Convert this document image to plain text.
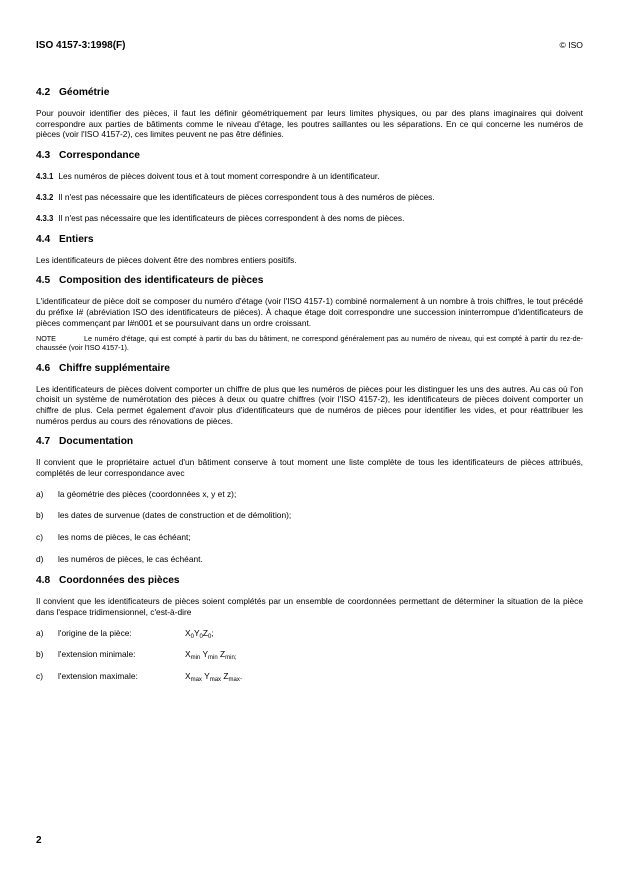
ISO 4157-3:1998(F)	© ISO
4.2 Géométrie

Pour pouvoir identifier des pièces, il faut les définir géométriquement par leurs limites physiques, ou par des plans imaginaires qui doivent correspondre aux parties de bâtiments comme le niveau d'étage, les poutres saillantes ou les séparations. En ce qui concerne les numéros de pièces (voir l'ISO 4157-2), ces limites peuvent ne pas être définies.

4.3 Correspondance

4.3.1 Les numéros de pièces doivent tous et à tout moment correspondre à un identificateur.

4.3.2 Il n'est pas nécessaire que les identificateurs de pièces correspondent tous à des numéros de pièces.

4.3.3 Il n'est pas nécessaire que les identificateurs de pièces correspondent à des noms de pièces.

4.4 Entiers

Les identificateurs de pièces doivent être des nombres entiers positifs.

4.5 Composition des identificateurs de pièces

L'identificateur de pièce doit se composer du numéro d'étage (voir l'ISO 4157-1) combiné normalement à un nombre à trois chiffres, le tout précédé du préfixe I# (abréviation ISO des identificateurs de pièces). À chaque étage doit correspondre une succession ininterrompue d'identificateurs de pièces commençant par I#n001 et se poursuivant dans un ordre croissant.

NOTE	Le numéro d'étage, qui est compté à partir du bas du bâtiment, ne correspond généralement pas au numéro de niveau, qui est compté à partir du rez-de-chaussée (voir l'ISO 4157-1).

4.6 Chiffre supplémentaire

Les identificateurs de pièces doivent comporter un chiffre de plus que les numéros de pièces pour les distinguer les uns des autres. Au cas où l'on choisit un système de numérotation des pièces à deux ou quatre chiffres (voir l'ISO 4157-2), les identificateurs de pièces doivent comporter un chiffre de plus. Cela permet également d'avoir plus d'identificateurs que de numéros de pièces pour identifier les vides, et pour réattribuer les numéros perdus au cours des rénovations de pièces.

4.7 Documentation

Il convient que le propriétaire actuel d'un bâtiment conserve à tout moment une liste complète de tous les identificateurs de pièces attribués, complétés de leur correspondance avec

a)	la géométrie des pièces (coordonnées x, y et z);
b)	les dates de survenue (dates de construction et de démolition);
c)	les noms de pièces, le cas échéant;
d)	les numéros de pièces, le cas échéant.
4.8 Coordonnées des pièces

Il convient que les identificateurs de pièces soient complétés par un ensemble de coordonnées permettant de déterminer la situation de la pièce dans l'espace tridimensionnel, c'est-à-dire

a)	l'origine de la pièce:	$X_0Y_0Z_0$;
b)	l'extension minimale:	$X_{min}$ $Y_{min}$ $Z_{min;}$
c)	l'extension maximale:	$X_{max}$ $Y_{max}$ $Z_{max}$.
2
